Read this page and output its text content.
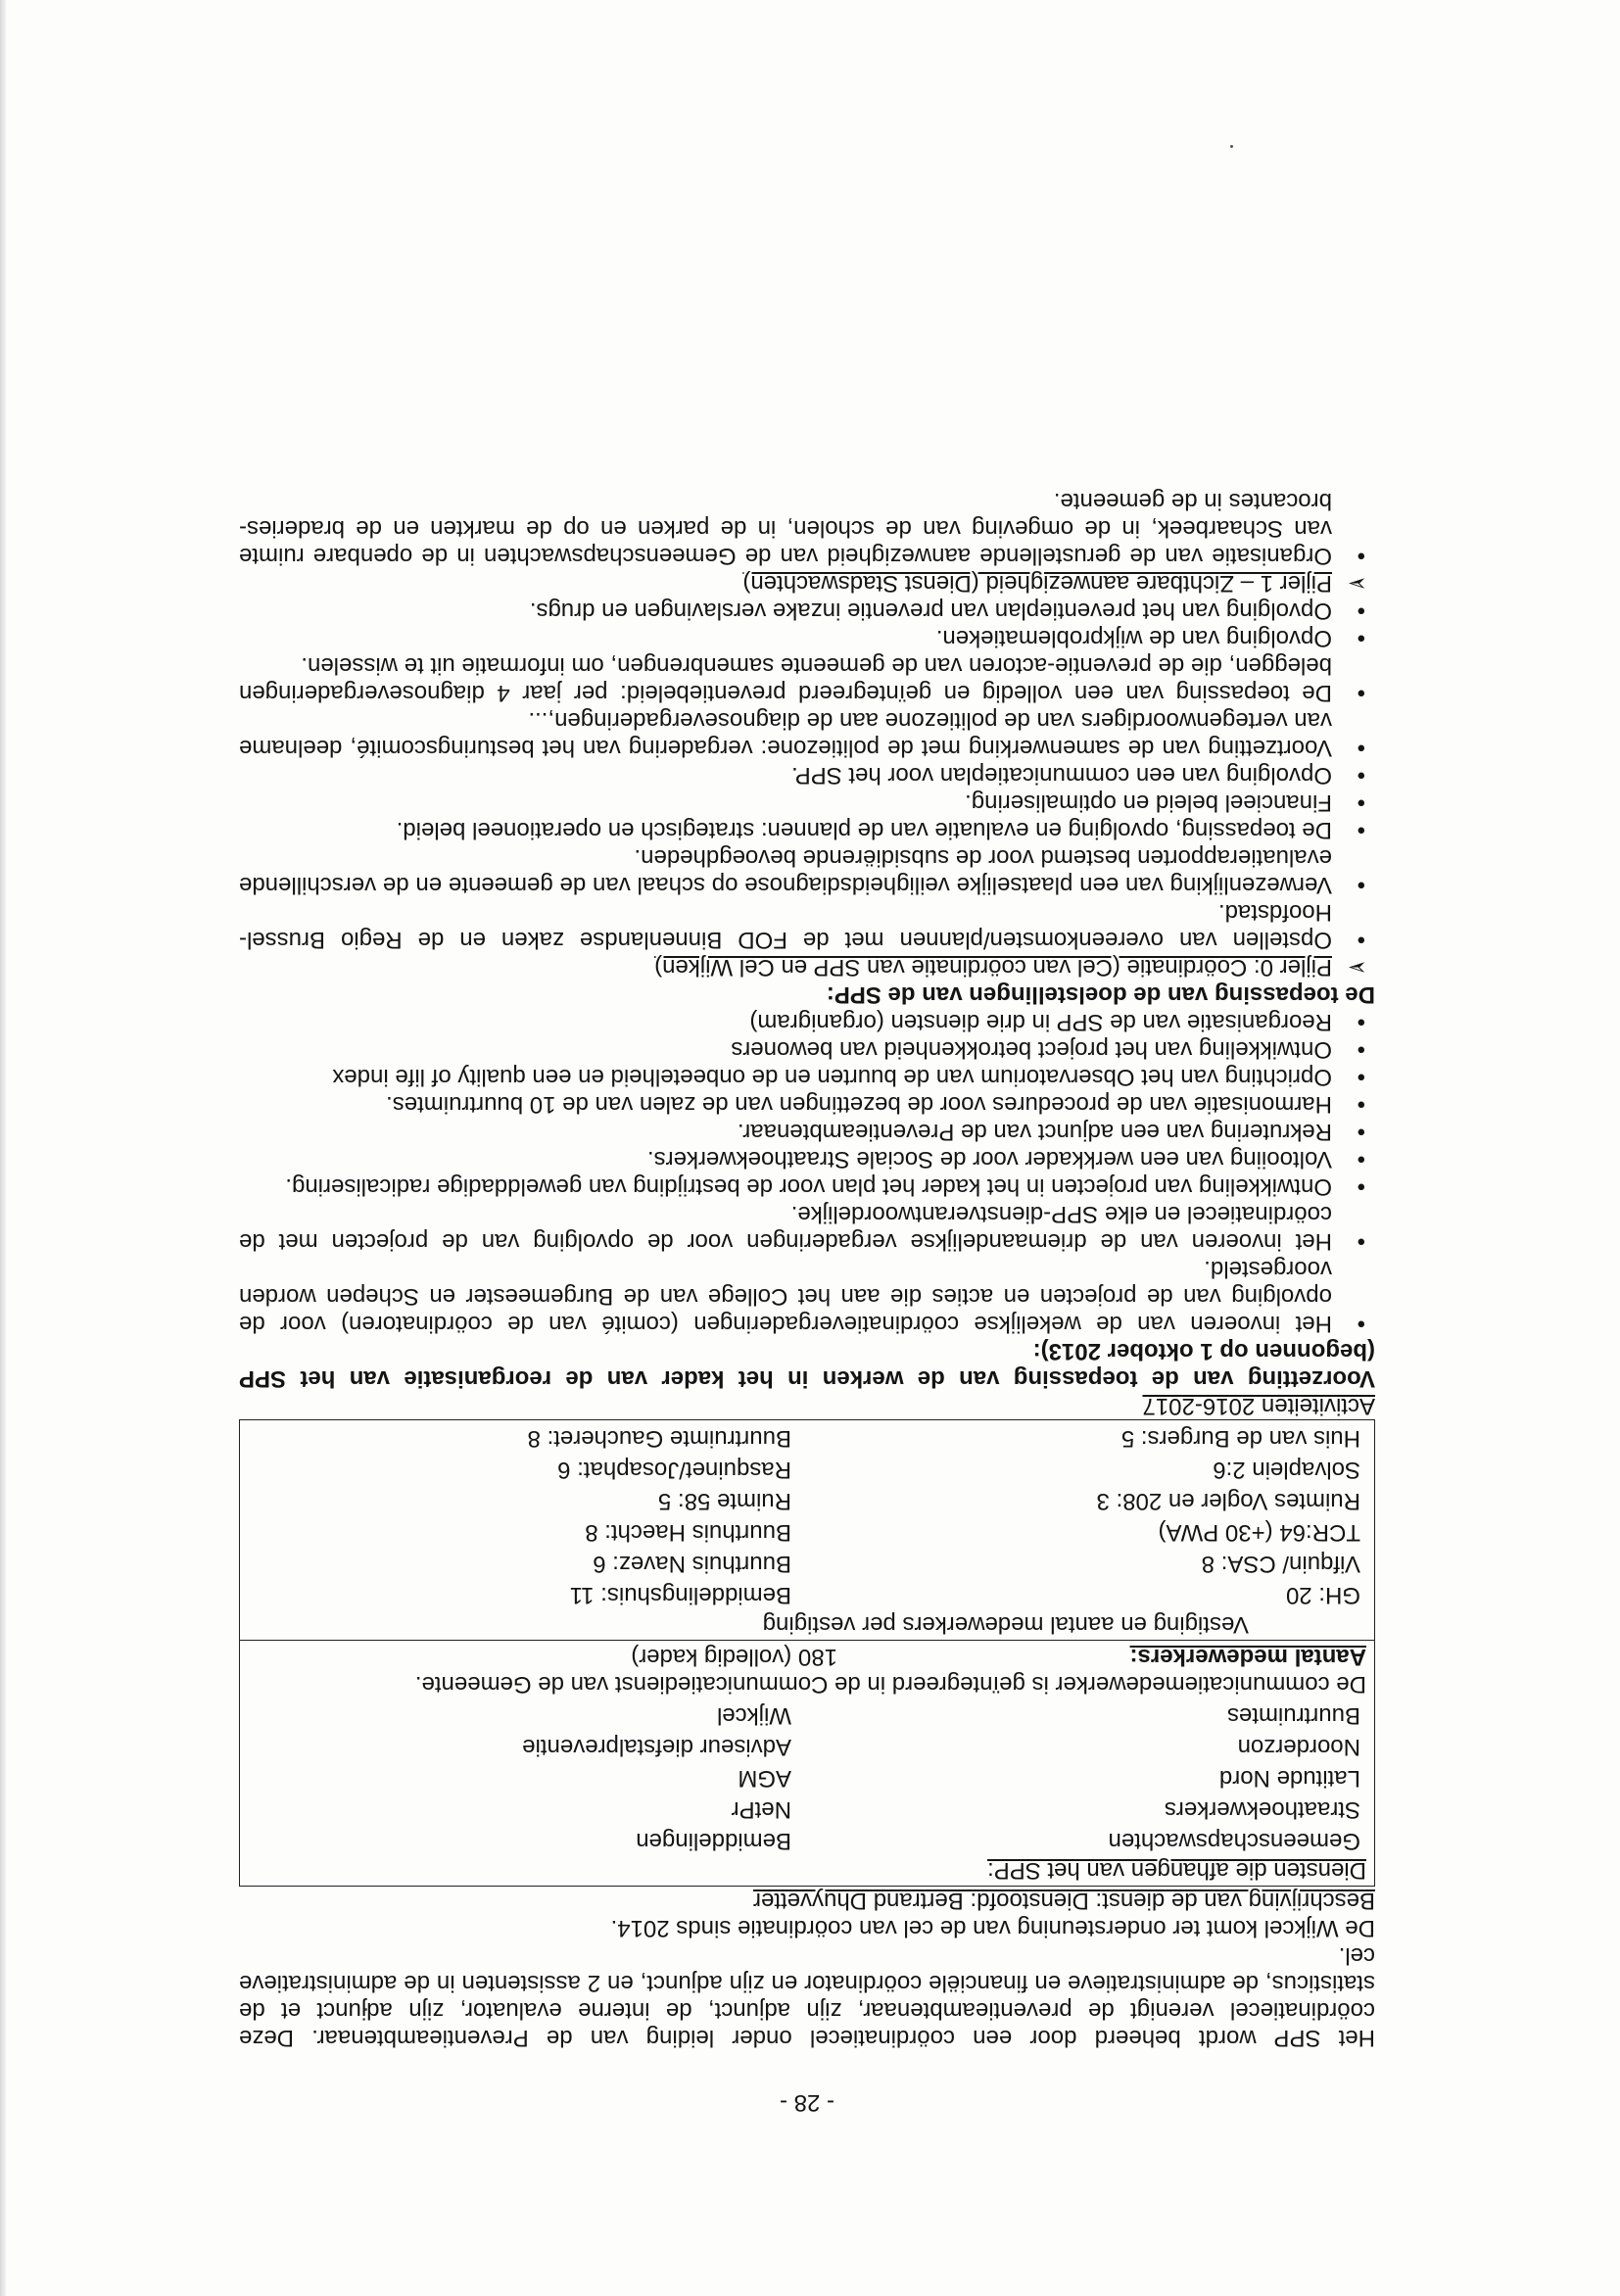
- 28 -

Het SPP wordt beheerd door een coördinatiecel onder leiding van de Preventieambtenaar. Deze coördinatiecel verenigt de preventieambtenaar, zijn adjunct, de interne evaluator, zijn adjunct et de statisticus, de administratieve en financiële coördinator en zijn adjunct, en 2 assistenten in de administratieve cel.

De Wijkcel komt ter ondersteuning van de cel van coördinatie sinds 2014.

Beschrijving van de dienst: Dienstoofd: Bertrand Dhuyvetter

Diensten die afhangen van het SPP:
Gemeenschapswachten
Bemiddelingen
Straathoekwerkers
NetPr
Latitude Nord
AGM
Noorderzon
Adviseur diefstalpreventie
Buurtruimtes
Wijkcel
De communicatiemedewerker is geïntegreerd in de Communicatiedienst van de Gemeente.
Aantal medewerkers:
180 (volledig kader)
Vestiging en aantal medewerkers per vestiging
GH: 20
Bemiddelingshuis: 11
Vifquin/ CSA: 8
Buurthuis Navez: 6
TCR:64 (+30 PWA)
Buurthuis Haecht: 8
Ruimtes Vogler en 208: 3
Ruimte 58: 5
Solvaplein 2:6
Rasquinet/Josaphat: 6
Huis van de Burgers: 5
Buurtruimte Gaucheret: 8

Activiteiten 2016-2017

Voorzetting van de toepassing van de werken in het kader van de reorganisatie van het SPP (begonnen op 1 oktober 2013):

• Het invoeren van de wekelijkse coördinatievergaderingen (comité van de coördinatoren) voor de opvolging van de projecten en acties die aan het College van de Burgemeester en Schepen worden voorgesteld.
• Het invoeren van de driemaandelijkse vergaderingen voor de opvolging van de projecten met de coördinatiecel en elke SPP-dienstverantwoordelijke.
• Ontwikkeling van projecten in het kader het plan voor de bestrijding van gewelddadige radicalisering.
• Voltooiing van een werkkader voor de Sociale Straathoekwerkers.
• Rekrutering van een adjunct van de Preventieambtenaar.
• Harmonisatie van de procedures voor de bezettingen van de zalen van de 10 buurtruimtes.
• Oprichting van het Observatorium van de buurten en de onbeetelheid en een quality of life index
• Ontwikkeling van het project betrokkenheid van bewoners
• Reorganisatie van de SPP in drie diensten (organigram)

De toepassing van de doelstellingen van de SPP:

➢
Pijler 0: Coördinatie (Cel van coördinatie van SPP en Cel Wijken)
• Opstellen van overeenkomsten/plannen met de FOD Binnenlandse zaken en de Regio Brussel-Hoofdstad.
• Verwezenlijking van een plaatselijke veiligheidsdiagnose op schaal van de gemeente en de verschillende evaluatierapporten bestemd voor de subsidiërende bevoegdheden.
• De toepassing, opvolging en evaluatie van de plannen: strategisch en operationeel beleid.
• Financieel beleid en optimalisering.
• Opvolging van een communicatieplan voor het SPP.
• Voortzetting van de samenwerking met de politiezone: vergadering van het besturingscomité, deelname van vertegenwoordigers van de politiezone aan de diagnosevergaderingen,...
• De toepassing van een volledig en geïntegreerd preventiebeleid: per jaar 4 diagnosevergaderingen beleggen, die de preventie-actoren van de gemeente samenbrengen, om informatie uit te wisselen.
• Opvolging van de wijkproblematieken.
• Opvolging van het preventieplan van preventie inzake verslavingen en drugs.
➢
Pijler 1 – Zichtbare aanwezigheid (Dienst Stadswachten)
• Organisatie van de gerustellende aanwezigheid van de Gemeenschapswachten in de openbare ruimte van Schaarbeek, in de omgeving van de scholen, in de parken en op de markten en de braderies-brocantes in de gemeente.
